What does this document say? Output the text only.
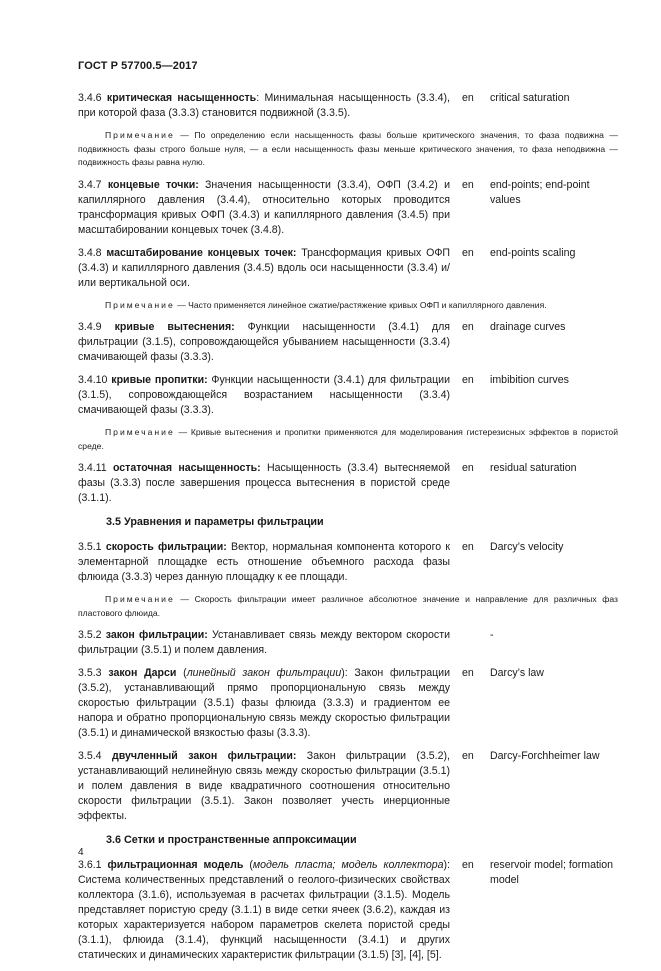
ГОСТ Р 57700.5—2017
3.4.6 критическая насыщенность: Минимальная насыщенность (3.3.4), при которой фаза (3.3.3) становится подвижной (3.3.5).
en	critical saturation

Примечание — По определению если насыщенность фазы больше критического значения, то фаза подвижна — подвижность фазы строго больше нуля, — а если насыщенность фазы меньше критического значения, то фаза неподвижна — подвижность фазы равна нулю.

3.4.7 концевые точки: Значения насыщенности (3.3.4), ОФП (3.4.2) и капиллярного давления (3.4.4), относительно которых проводится трансформация кривых ОФП (3.4.3) и капиллярного давления (3.4.5) при масштабировании концевых точек (3.4.8).
en	end-points; end-point values
3.4.8 масштабирование концевых точек: Трансформация кривых ОФП (3.4.3) и капиллярного давления (3.4.5) вдоль оси насыщенности (3.3.4) и/или вертикальной оси.
en	end-points scaling

Примечание — Часто применяется линейное сжатие/растяжение кривых ОФП и капиллярного давления.

3.4.9 кривые вытеснения: Функции насыщенности (3.4.1) для фильтрации (3.1.5), сопровождающейся убыванием насыщенности (3.3.4) смачивающей фазы (3.3.3).
en	drainage curves
3.4.10 кривые пропитки: Функции насыщенности (3.4.1) для фильтрации (3.1.5), сопровождающейся возрастанием насыщенности (3.3.4) смачивающей фазы (3.3.3).
en	imbibition curves

Примечание — Кривые вытеснения и пропитки применяются для моделирования гистерезисных эффектов в пористой среде.

3.4.11 остаточная насыщенность: Насыщенность (3.3.4) вытесняемой фазы (3.3.3) после завершения процесса вытеснения в пористой среде (3.1.1).
en	residual saturation
3.5 Уравнения и параметры фильтрации
3.5.1 скорость фильтрации: Вектор, нормальная компонента которого к элементарной площадке есть отношение объемного расхода фазы флюида (3.3.3) через данную площадку к ее площади.
en	Darcy’s velocity

Примечание — Скорость фильтрации имеет различное абсолютное значение и направление для различных фаз пластового флюида.

3.5.2 закон фильтрации: Устанавливает связь между вектором скорости фильтрации (3.5.1) и полем давления.
-
3.5.3 закон Дарси (линейный закон фильтрации): Закон фильтрации (3.5.2), устанавливающий прямо пропорциональную связь между скоростью фильтрации (3.5.1) фазы флюида (3.3.3) и градиентом ее напора и обратно пропорциональную связь между скоростью фильтрации (3.5.1) и динамической вязкостью фазы (3.3.3).
en	Darcy’s law
3.5.4 двучленный закон фильтрации: Закон фильтрации (3.5.2), устанавливающий нелинейную связь между скоростью фильтрации (3.5.1) и полем давления в виде квадратичного соотношения относительно скорости фильтрации (3.5.1). Закон позволяет учесть инерционные эффекты.
en	Darcy-Forchheimer law
3.6 Сетки и пространственные аппроксимации
3.6.1 фильтрационная модель (модель пласта; модель коллектора): Система количественных представлений о геолого-физических свойствах коллектора (3.1.6), используемая в расчетах фильтрации (3.1.5). Модель представляет пористую среду (3.1.1) в виде сетки ячеек (3.6.2), каждая из которых характеризуется набором параметров скелета пористой среды (3.1.1), флюида (3.1.4), функций насыщенности (3.4.1) и других статических и динамических характеристик фильтрации (3.1.5) [3], [4], [5].
en	reservoir model; formation model
4
